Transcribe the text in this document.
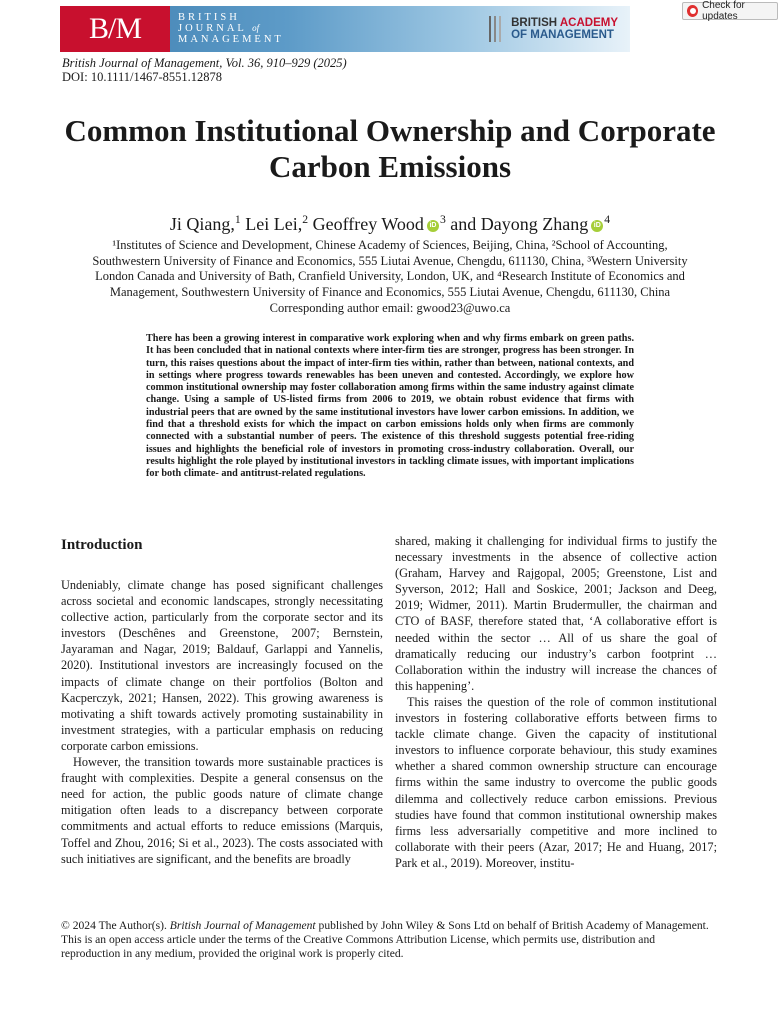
B/M	BRITISH
JOURNAL of
MANAGEMENT
BRITISH ACADEMY
OF MANAGEMENT
Check for updates
British Journal of Management, Vol. 36, 910–929 (2025)
DOI: 10.1111/1467-8551.12878
Common Institutional Ownership and Corporate Carbon Emissions
Ji Qiang,$^1$ Lei Lei,$^2$ Geoffrey Wood iD $^3$ and Dayong Zhang iD $^4$
¹Institutes of Science and Development, Chinese Academy of Sciences, Beijing, China, ²School of Accounting,
Southwestern University of Finance and Economics, 555 Liutai Avenue, Chengdu, 611130, China, ³Western University
London Canada and University of Bath, Cranfield University, London, UK, and ⁴Research Institute of Economics and
Management, Southwestern University of Finance and Economics, 555 Liutai Avenue, Chengdu, 611130, China
Corresponding author email: gwood23@uwo.ca

There has been a growing interest in comparative work exploring when and why firms embark on green paths. It has been concluded that in national contexts where inter-firm ties are stronger, progress has been stronger. In turn, this raises questions about the impact of inter-firm ties within, rather than between, national contexts, and in settings where progress towards renewables has been uneven and contested. Accordingly, we explore how common institutional ownership may foster collaboration among firms within the same industry against climate change. Using a sample of US-listed firms from 2006 to 2019, we obtain robust evidence that firms with industrial peers that are owned by the same institutional investors have lower carbon emissions. In addition, we find that a threshold exists for which the impact on carbon emissions holds only when firms are commonly connected with a substantial number of peers. The existence of this threshold suggests potential free-riding issues and highlights the beneficial role of investors in promoting cross-industry collaboration. Overall, our results highlight the role played by institutional investors in tackling climate issues, with important implications for both climate- and antitrust-related regulations.

Introduction

Undeniably, climate change has posed significant challenges across societal and economic landscapes, strongly necessitating collective action, particularly from the corporate sector and its investors (Deschênes and Greenstone, 2007; Bernstein, Jayaraman and Nagar, 2019; Baldauf, Garlappi and Yannelis, 2020). Institutional investors are increasingly focused on the impacts of climate change on their portfolios (Bolton and Kacperczyk, 2021; Hansen, 2022). This growing awareness is motivating a shift towards actively promoting sustainability in investment strategies, with a particular emphasis on reducing corporate carbon emissions.

However, the transition towards more sustainable practices is fraught with complexities. Despite a general consensus on the need for action, the public goods nature of climate change mitigation often leads to a discrepancy between corporate commitments and actual efforts to reduce emissions (Marquis, Toffel and Zhou, 2016; Si et al., 2023). The costs associated with such initiatives are significant, and the benefits are broadly

shared, making it challenging for individual firms to justify the necessary investments in the absence of collective action (Graham, Harvey and Rajgopal, 2005; Greenstone, List and Syverson, 2012; Hall and Soskice, 2001; Jackson and Deeg, 2019; Widmer, 2011). Martin Brudermuller, the chairman and CTO of BASF, therefore stated that, ‘A collaborative effort is needed within the sector … All of us share the goal of dramatically reducing our industry’s carbon footprint … Collaboration within the industry will increase the chances of this happening’.

This raises the question of the role of common institutional investors in fostering collaborative efforts between firms to tackle climate change. Given the capacity of institutional investors to influence corporate behaviour, this study examines whether a shared common ownership structure can encourage firms within the same industry to overcome the public goods dilemma and collectively reduce carbon emissions. Previous studies have found that common institutional ownership makes firms less adversarially competitive and more inclined to collaborate with their peers (Azar, 2017; He and Huang, 2017; Park et al., 2019). Moreover, institu-

© 2024 The Author(s). British Journal of Management published by John Wiley & Sons Ltd on behalf of British Academy of Management.

This is an open access article under the terms of the Creative Commons Attribution License, which permits use, distribution and reproduction in any medium, provided the original work is properly cited.
